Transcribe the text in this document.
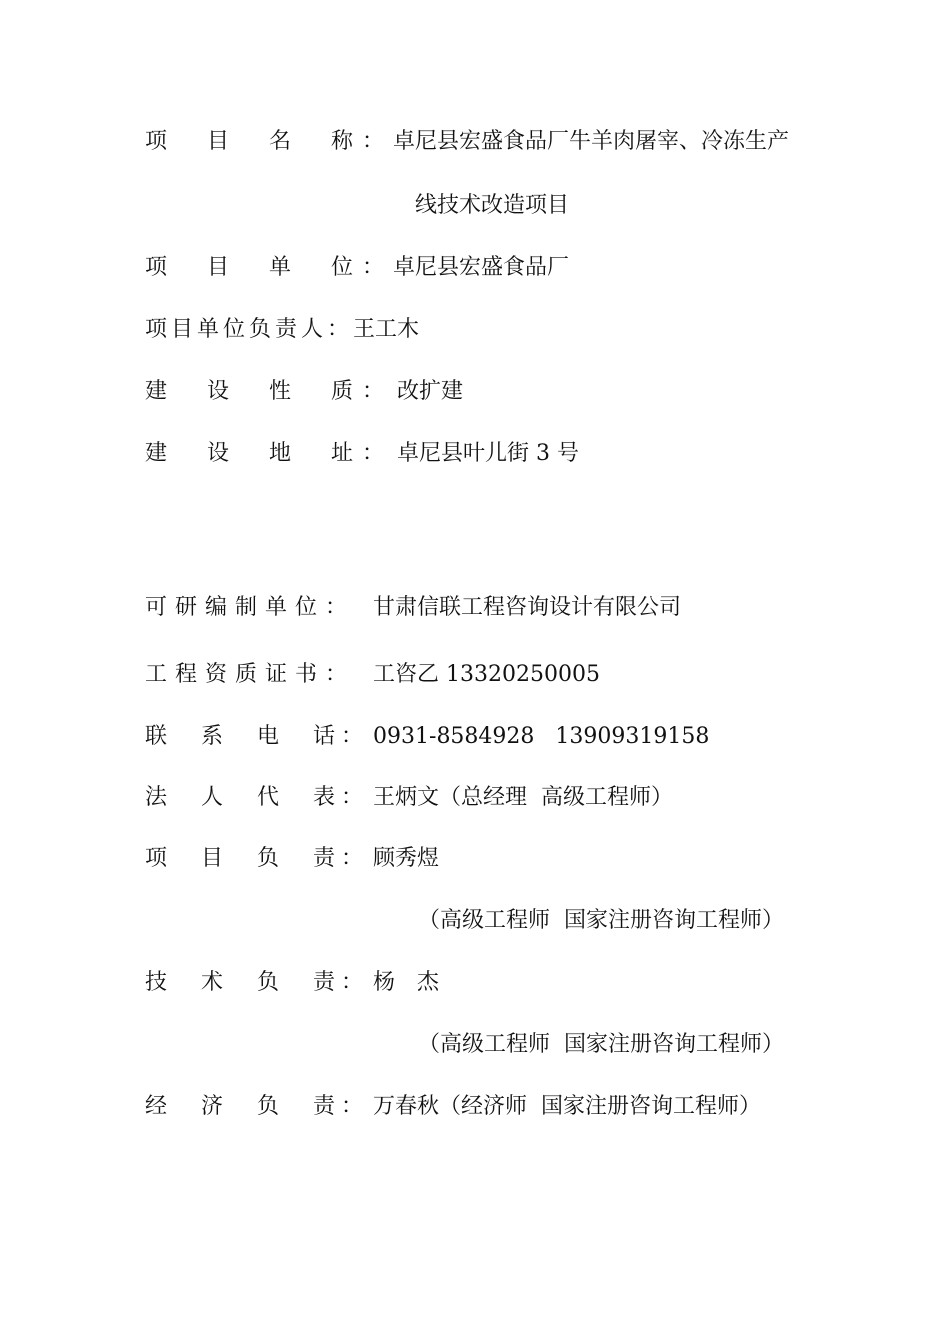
项　目　名　称：卓尼县宏盛食品厂牛羊肉屠宰、冷冻生产
线技术改造项目
项　目　单　位：卓尼县宏盛食品厂
项目单位负责人：王工木
建　设　性　质： 改扩建
建　设　地　址： 卓尼县叶儿街 3 号
可研编制单位： 甘肃信联工程咨询设计有限公司
工程资质证书： 工咨乙 13320250005
联　系　电　话： 0931-8584928   13909319158
法　人　代　表： 王炳文（总经理  高级工程师）
项　目　负　责： 顾秀煜
（高级工程师  国家注册咨询工程师）
技　术　负　责： 杨　杰
（高级工程师  国家注册咨询工程师）
经　济　负　责： 万春秋（经济师  国家注册咨询工程师）
